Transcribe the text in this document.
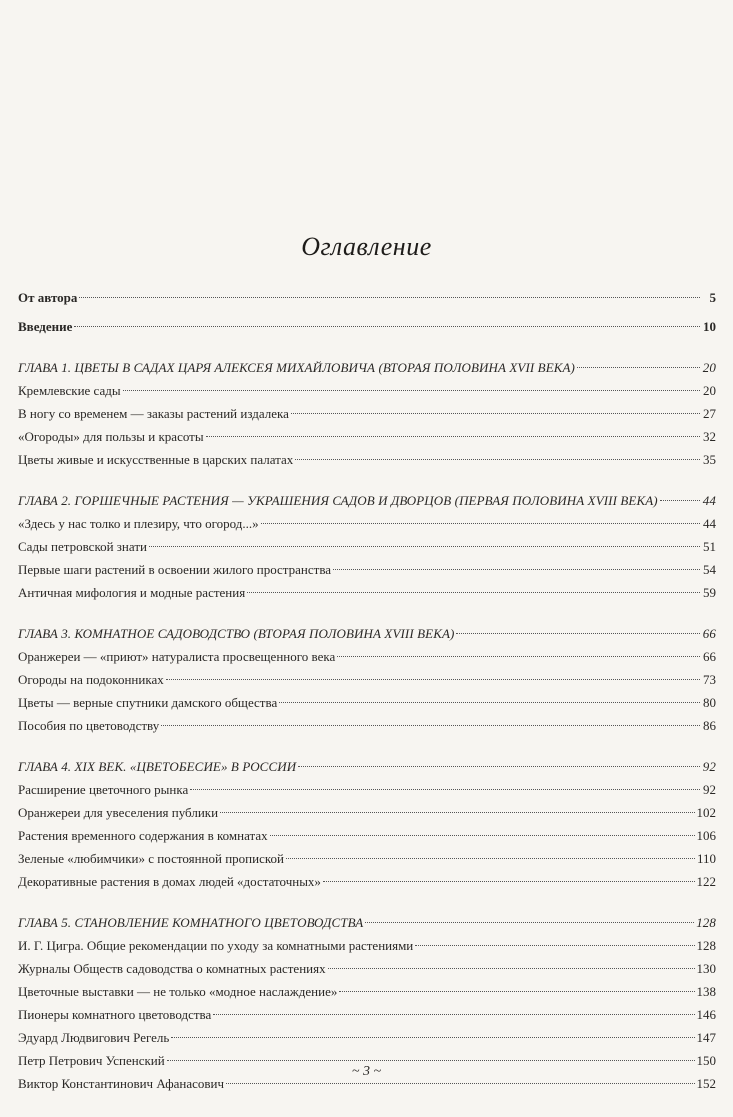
Оглавление
От автора	5
Введение	10
ГЛАВА 1. ЦВЕТЫ В САДАХ ЦАРЯ АЛЕКСЕЯ МИХАЙЛОВИЧА (ВТОРАЯ ПОЛОВИНА XVII ВЕКА)	20
Кремлевские сады	20
В ногу со временем — заказы растений издалека	27
«Огороды» для пользы и красоты	32
Цветы живые и искусственные в царских палатах	35
ГЛАВА 2. ГОРШЕЧНЫЕ РАСТЕНИЯ — УКРАШЕНИЯ САДОВ И ДВОРЦОВ (ПЕРВАЯ ПОЛОВИНА XVIII ВЕКА)	44
«Здесь у нас толко и плезиру, что огород...»	44
Сады петровской знати	51
Первые шаги растений в освоении жилого пространства	54
Античная мифология и модные растения	59
ГЛАВА 3. КОМНАТНОЕ САДОВОДСТВО (ВТОРАЯ ПОЛОВИНА XVIII ВЕКА)	66
Оранжереи — «приют» натуралиста просвещенного века	66
Огороды на подоконниках	73
Цветы — верные спутники дамского общества	80
Пособия по цветоводству	86
ГЛАВА 4. XIX ВЕК. «ЦВЕТОБЕСИЕ» В РОССИИ	92
Расширение цветочного рынка	92
Оранжереи для увеселения публики	102
Растения временного содержания в комнатах	106
Зеленые «любимчики» с постоянной пропиской	110
Декоративные растения в домах людей «достаточных»	122
ГЛАВА 5. СТАНОВЛЕНИЕ КОМНАТНОГО ЦВЕТОВОДСТВА	128
И. Г. Цигра. Общие рекомендации по уходу за комнатными растениями	128
Журналы Обществ садоводства о комнатных растениях	130
Цветочные выставки — не только «модное наслаждение»	138
Пионеры комнатного цветоводства	146
Эдуард Людвигович Регель	147
Петр Петрович Успенский	150
Виктор Константинович Афанасович	152
~ 3 ~
